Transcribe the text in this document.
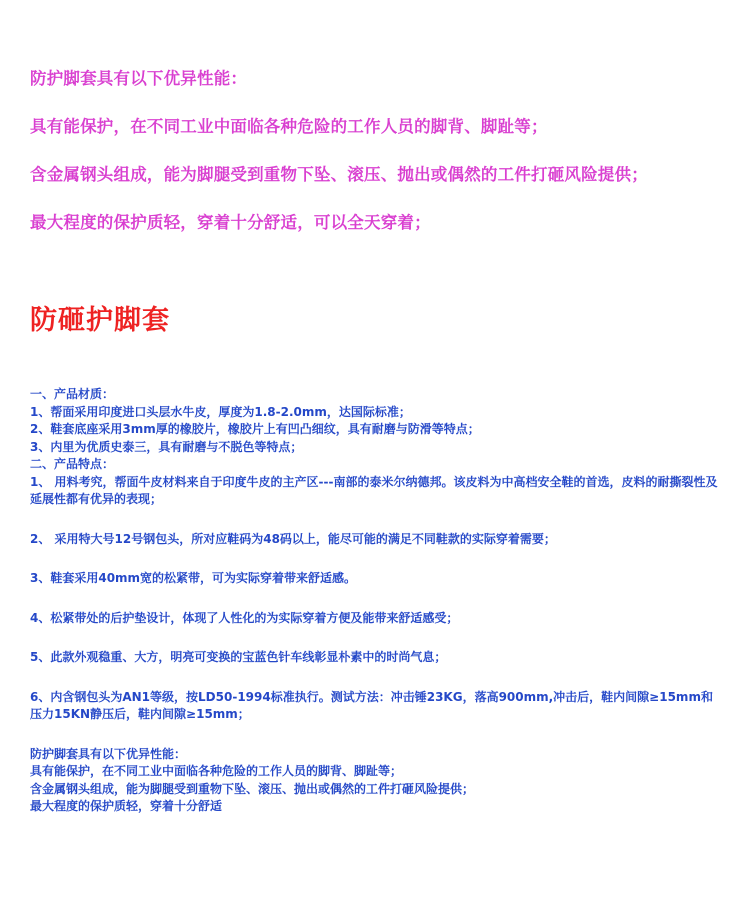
防护脚套具有以下优异性能：
具有能保护，在不同工业中面临各种危险的工作人员的脚背、脚趾等；
含金属钢头组成，能为脚腿受到重物下坠、滚压、抛出或偶然的工件打砸风险提供；
最大程度的保护质轻，穿着十分舒适，可以全天穿着；
防砸护脚套
一、产品材质：
1、帮面采用印度进口头层水牛皮，厚度为1.8-2.0mm，达国际标准；
2、鞋套底座采用3mm厚的橡胶片，橡胶片上有凹凸细纹，具有耐磨与防滑等特点；
3、内里为优质史泰三，具有耐磨与不脱色等特点；
二、产品特点：
1、 用料考究，帮面牛皮材料来自于印度牛皮的主产区---南部的泰米尔纳德邦。该皮料为中高档安全鞋的首选，皮料的耐撕裂性及延展性都有优异的表现；
2、 采用特大号12号钢包头，所对应鞋码为48码以上，能尽可能的满足不同鞋款的实际穿着需要；
3、鞋套采用40mm宽的松紧带，可为实际穿着带来舒适感。
4、松紧带处的后护垫设计，体现了人性化的为实际穿着方便及能带来舒适感受；
5、此款外观稳重、大方，明亮可变换的宝蓝色针车线彰显朴素中的时尚气息；
6、内含钢包头为AN1等级，按LD50-1994标准执行。测试方法：冲击锤23KG，落高900mm,冲击后，鞋内间隙≥15mm和压力15KN静压后，鞋内间隙≥15mm；
防护脚套具有以下优异性能：
具有能保护，在不同工业中面临各种危险的工作人员的脚背、脚趾等；
含金属钢头组成，能为脚腿受到重物下坠、滚压、抛出或偶然的工件打砸风险提供；
最大程度的保护质轻，穿着十分舒适
